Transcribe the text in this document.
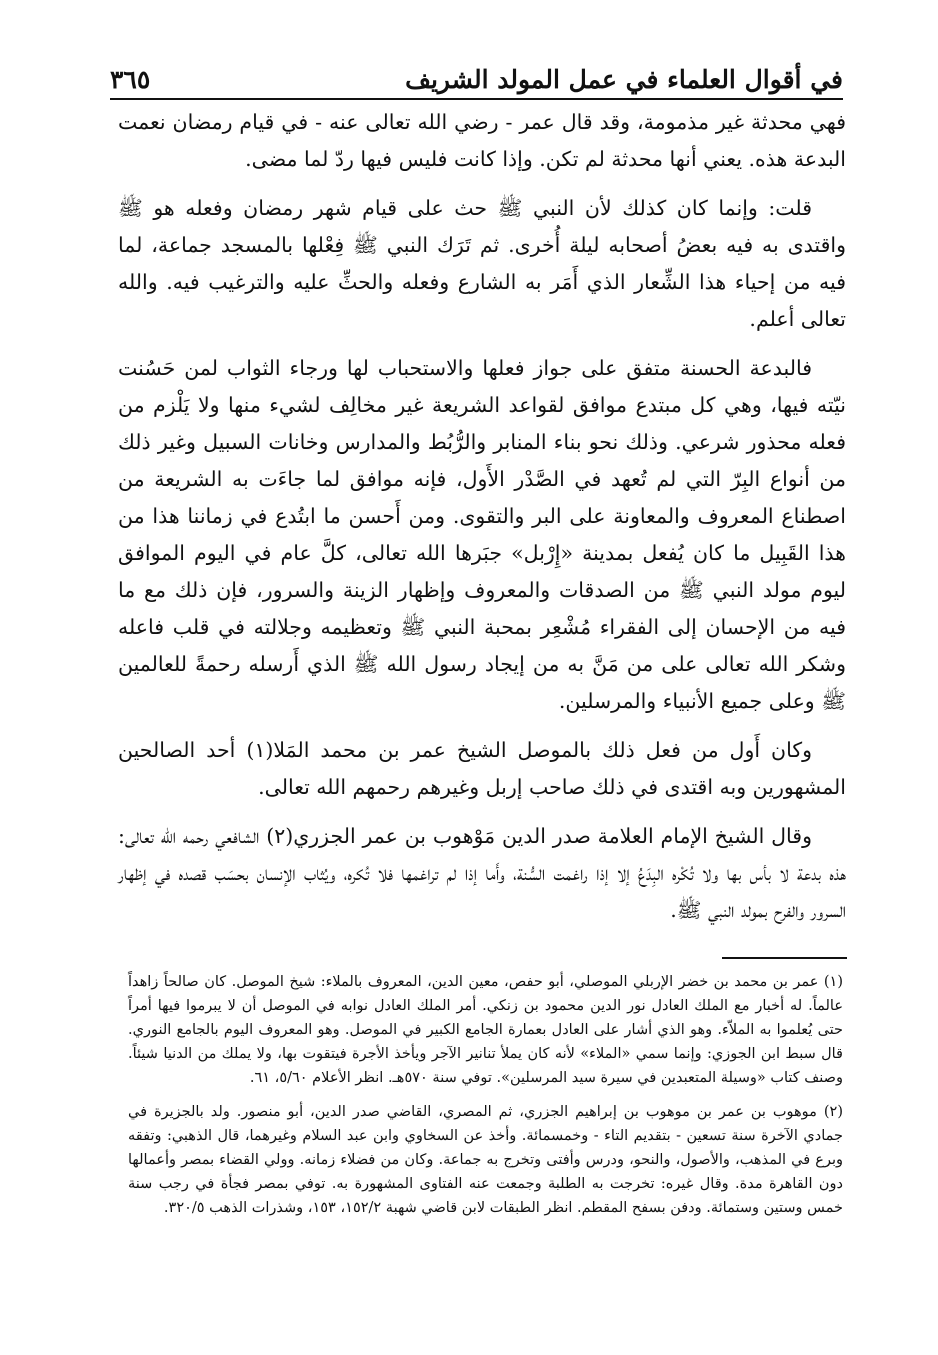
٣٦٥	في أقوال العلماء في عمل المولد الشريف

فهي محدثة غير مذمومة، وقد قال عمر - رضي الله تعالى عنه - في قيام رمضان نعمت البدعة هذه. يعني أنها محدثة لم تكن. وإذا كانت فليس فيها ردّ لما مضى.

قلت: وإنما كان كذلك لأن النبي ﷺ حث على قيام شهر رمضان وفعله هو ﷺ واقتدى به فيه بعضُ أصحابه ليلة أُخرى. ثم تَرَك النبي ﷺ فِعْلها بالمسجد جماعة، لما فيه من إحياء هذا الشِّعار الذي أَمَر به الشارع وفعله والحثِّ عليه والترغيب فيه. والله تعالى أعلم.

فالبدعة الحسنة متفق على جواز فعلها والاستحباب لها ورجاء الثواب لمن حَسُنت نيّته فيها، وهي كل مبتدع موافق لقواعد الشريعة غير مخالِف لشيء منها ولا يَلْزم من فعله محذور شرعي. وذلك نحو بناء المنابر والرُّبُط والمدارس وخانات السبيل وغير ذلك من أنواع البِرّ التي لم تُعهد في الصَّدْر الأَول، فإنه موافق لما جاءَت به الشريعة من اصطناع المعروف والمعاونة على البر والتقوى. ومن أَحسن ما ابتُدع في زماننا هذا من هذا القَبِيل ما كان يُفعل بمدينة «إِرْبل» جبَرها الله تعالى، كلَّ عام في اليوم الموافق ليوم مولد النبي ﷺ من الصدقات والمعروف وإظهار الزينة والسرور، فإن ذلك مع ما فيه من الإحسان إلى الفقراء مُشْعِر بمحبة النبي ﷺ وتعظيمه وجلالته في قلب فاعله وشكر الله تعالى على من مَنَّ به من إيجاد رسول الله ﷺ الذي أَرسله رحمةً للعالمين ﷺ وعلى جميع الأنبياء والمرسلين.

وكان أَول من فعل ذلك بالموصل الشيخ عمر بن محمد المَلا(١) أحد الصالحين المشهورين وبه اقتدى في ذلك صاحب إربل وغيرهم رحمهم الله تعالى.

وقال الشيخ الإمام العلامة صدر الدين مَوْهوب بن عمر الجزري(٢) الشافعي رحمه الله تعالى: هذه بدعة لا بأس بها ولا تُكْره البِدَعُ إلا إذا راغمت السُّنة، وأَما إذا لم تراغمها فلا تُكره، ويُثاب الإنسان بحسَب قصده في إظهار السرور والفرح بمولد النبي ﷺ.

(١) عمر بن محمد بن خضر الإربلي الموصلي، أبو حفص، معين الدين، المعروف بالملاء: شيخ الموصل. كان صالحاً زاهداً عالماً. له أخبار مع الملك العادل نور الدين محمود بن زنكي. أمر الملك العادل نوابه في الموصل أن لا يبرموا فيها أمراً حتى يُعلموا به الملاّء. وهو الذي أشار على العادل بعمارة الجامع الكبير في الموصل. وهو المعروف اليوم بالجامع النوري. قال سبط ابن الجوزي: وإنما سمي «الملاء» لأنه كان يملأ تنانير الآجر ويأخذ الأجرة فيتقوت بها، ولا يملك من الدنيا شيئاً. وصنف كتاب «وسيلة المتعبدين في سيرة سيد المرسلين». توفي سنة ٥٧٠هـ. انظر الأعلام ٥/٦٠، ٦١.

(٢) موهوب بن عمر بن موهوب بن إبراهيم الجزري، ثم المصري، القاضي صدر الدين، أبو منصور. ولد بالجزيرة في جمادي الآخرة سنة تسعين - بتقديم التاء - وخمسمائة. وأخذ عن السخاوي وابن عبد السلام وغيرهما، قال الذهبي: وتفقه وبرع في المذهب، والأصول، والنحو، ودرس وأفتى وتخرج به جماعة. وكان من فضلاء زمانه. وولي القضاء بمصر وأعمالها دون القاهرة مدة. وقال غيره: تخرجت به الطلبة وجمعت عنه الفتاوى المشهورة به. توفي بمصر فجأة في رجب سنة خمس وستين وستمائة. ودفن بسفح المقطم. انظر الطبقات لابن قاضي شهبة ١٥٢/٢، ١٥٣، وشذرات الذهب ٣٢٠/٥.
